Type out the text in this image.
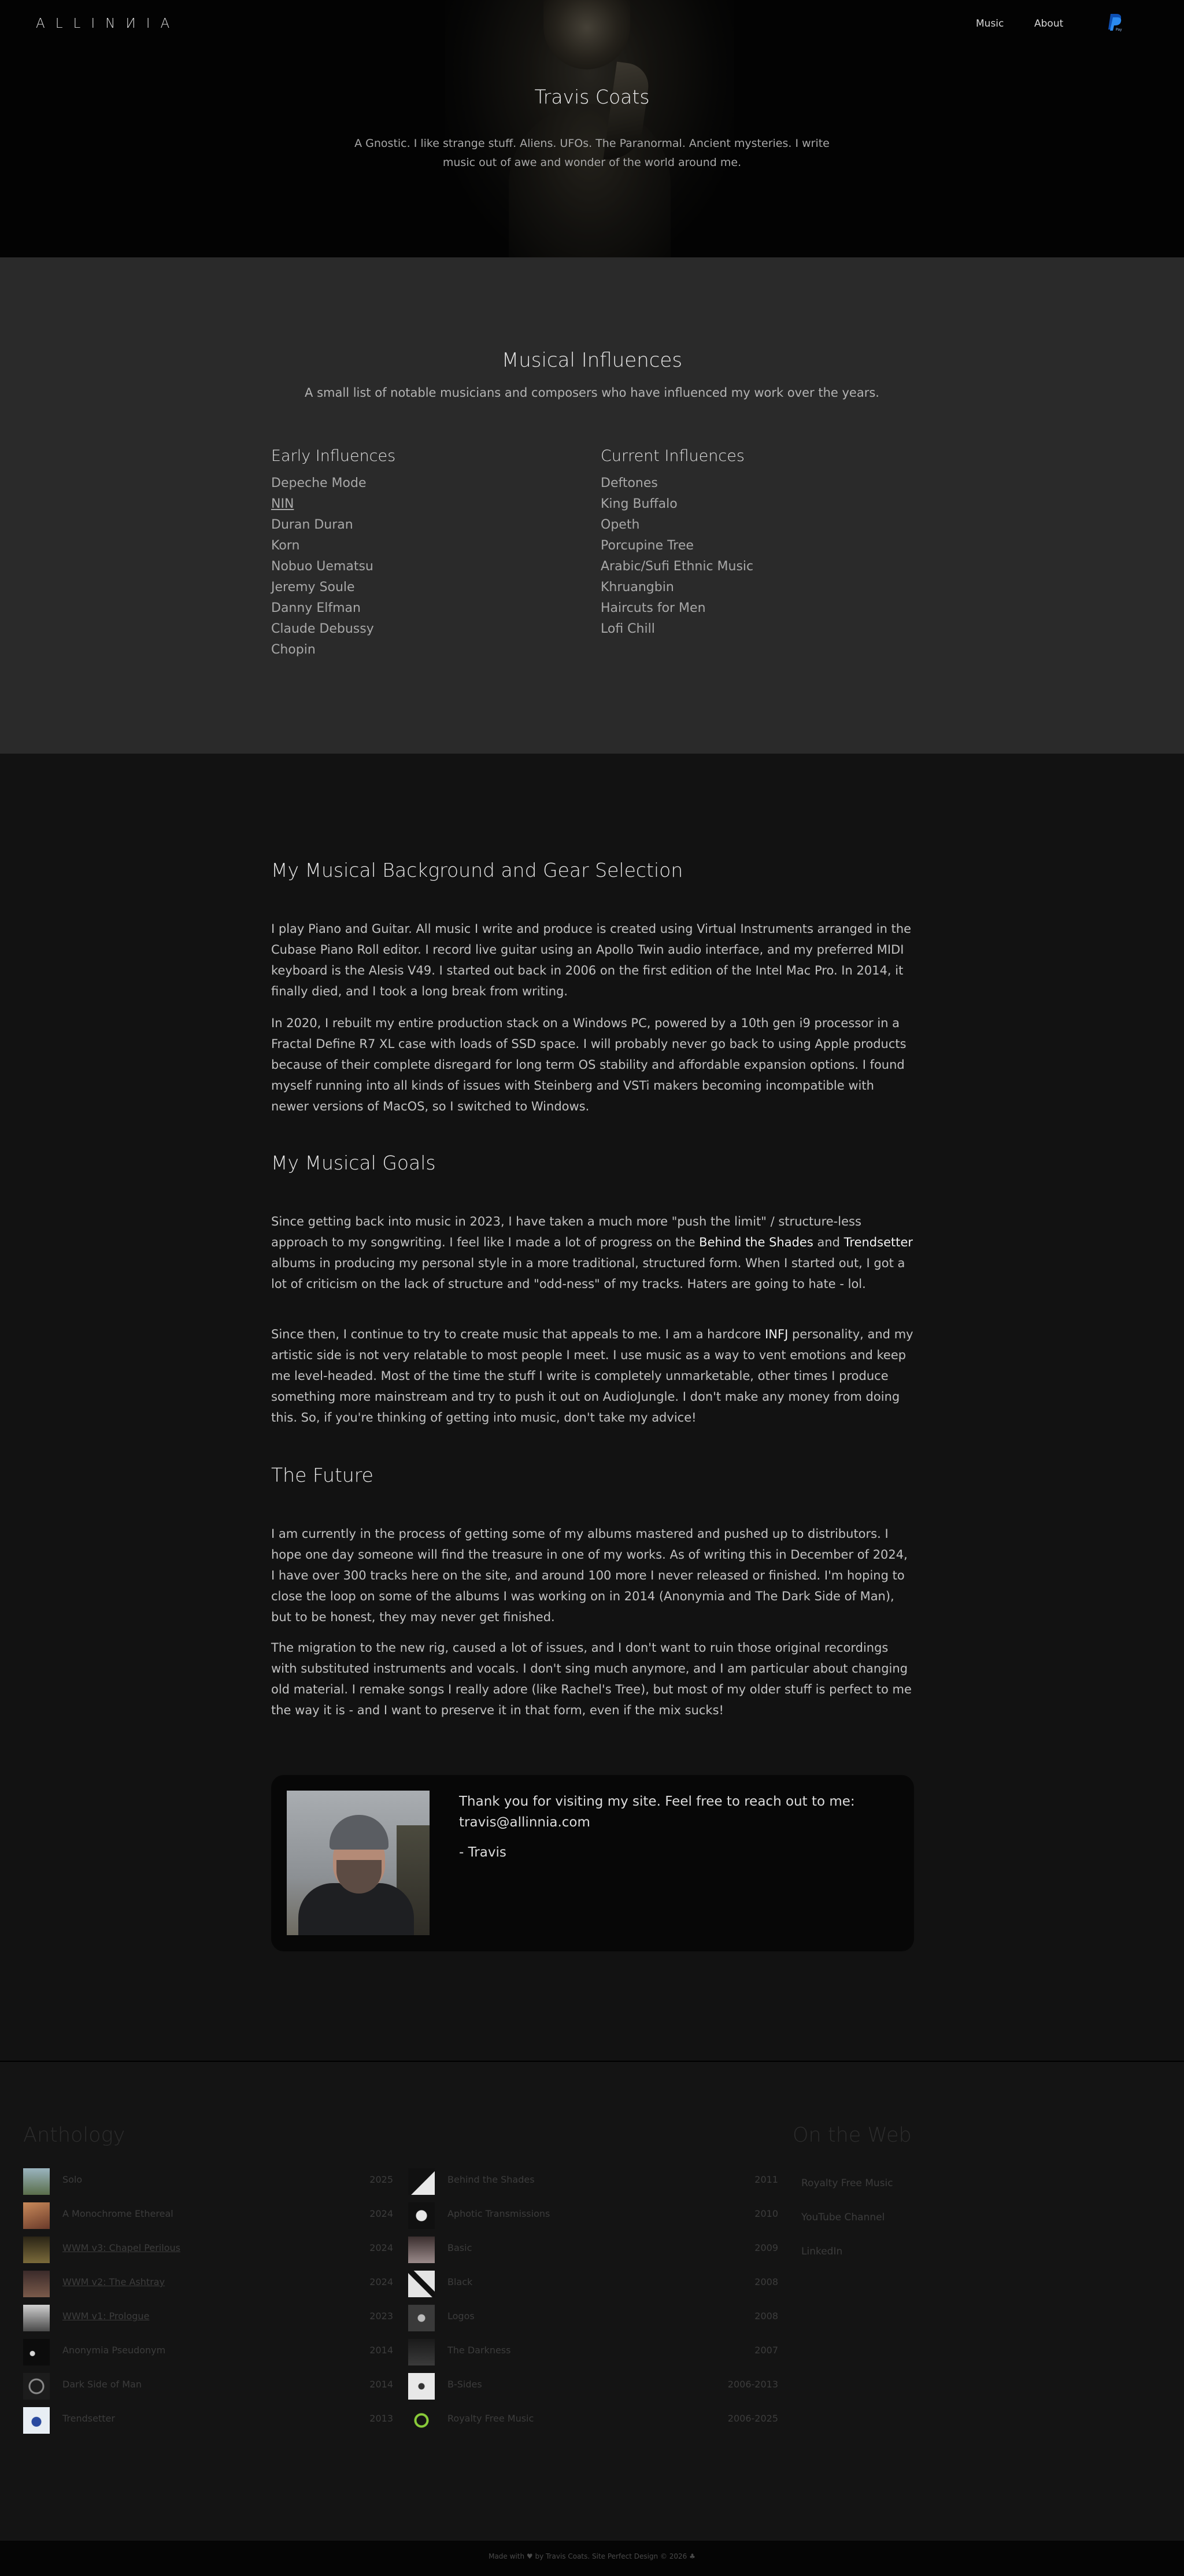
ALLINИIA	Music	About
Pay
Travis Coats

A Gnostic. I like strange stuff. Aliens. UFOs. The Paranormal. Ancient mysteries. I write music out of awe and wonder of the world around me.

Musical Influences

A small list of notable musicians and composers who have influenced my work over the years.

Early Influences
Depeche Mode
NIN
Duran Duran
Korn
Nobuo Uematsu
Jeremy Soule
Danny Elfman
Claude Debussy
Chopin
Current Influences
Deftones
King Buffalo
Opeth
Porcupine Tree
Arabic/Sufi Ethnic Music
Khruangbin
Haircuts for Men
Lofi Chill
My Musical Background and Gear Selection

I play Piano and Guitar. All music I write and produce is created using Virtual Instruments arranged in the Cubase Piano Roll editor. I record live guitar using an Apollo Twin audio interface, and my preferred MIDI keyboard is the Alesis V49. I started out back in 2006 on the first edition of the Intel Mac Pro. In 2014, it finally died, and I took a long break from writing.

In 2020, I rebuilt my entire production stack on a Windows PC, powered by a 10th gen i9 processor in a Fractal Define R7 XL case with loads of SSD space. I will probably never go back to using Apple products because of their complete disregard for long term OS stability and affordable expansion options. I found myself running into all kinds of issues with Steinberg and VSTi makers becoming incompatible with newer versions of MacOS, so I switched to Windows.

My Musical Goals

Since getting back into music in 2023, I have taken a much more "push the limit" / structure-less approach to my songwriting. I feel like I made a lot of progress on the Behind the Shades and Trendsetter albums in producing my personal style in a more traditional, structured form. When I started out, I got a lot of criticism on the lack of structure and "odd-ness" of my tracks. Haters are going to hate - lol.

Since then, I continue to try to create music that appeals to me. I am a hardcore INFJ personality, and my artistic side is not very relatable to most people I meet. I use music as a way to vent emotions and keep me level-headed. Most of the time the stuff I write is completely unmarketable, other times I produce something more mainstream and try to push it out on AudioJungle. I don't make any money from doing this. So, if you're thinking of getting into music, don't take my advice!

The Future

I am currently in the process of getting some of my albums mastered and pushed up to distributors. I hope one day someone will find the treasure in one of my works. As of writing this in December of 2024, I have over 300 tracks here on the site, and around 100 more I never released or finished. I'm hoping to close the loop on some of the albums I was working on in 2014 (Anonymia and The Dark Side of Man), but to be honest, they may never get finished.

The migration to the new rig, caused a lot of issues, and I don't want to ruin those original recordings with substituted instruments and vocals. I don't sing much anymore, and I am particular about changing old material. I remake songs I really adore (like Rachel's Tree), but most of my older stuff is perfect to me the way it is - and I want to preserve it in that form, even if the mix sucks!

Thank you for visiting my site. Feel free to reach out to me:
travis@allinnia.com
- Travis
Anthology	On the Web
Solo	2025
A Monochrome Ethereal	2024
WWM v3: Chapel Perilous	2024
WWM v2: The Ashtray	2024
WWM v1: Prologue	2023
Anonymia Pseudonym	2014
Dark Side of Man	2014
Trendsetter	2013
Behind the Shades	2011
Aphotic Transmissions	2010
Basic	2009
Black	2008
Logos	2008
The Darkness	2007
B-Sides	2006-2013
Royalty Free Music	2006-2025
Royalty Free Music
YouTube Channel
LinkedIn
Made with ♥ by Travis Coats. Site Perfect Design © 2026 ♣
